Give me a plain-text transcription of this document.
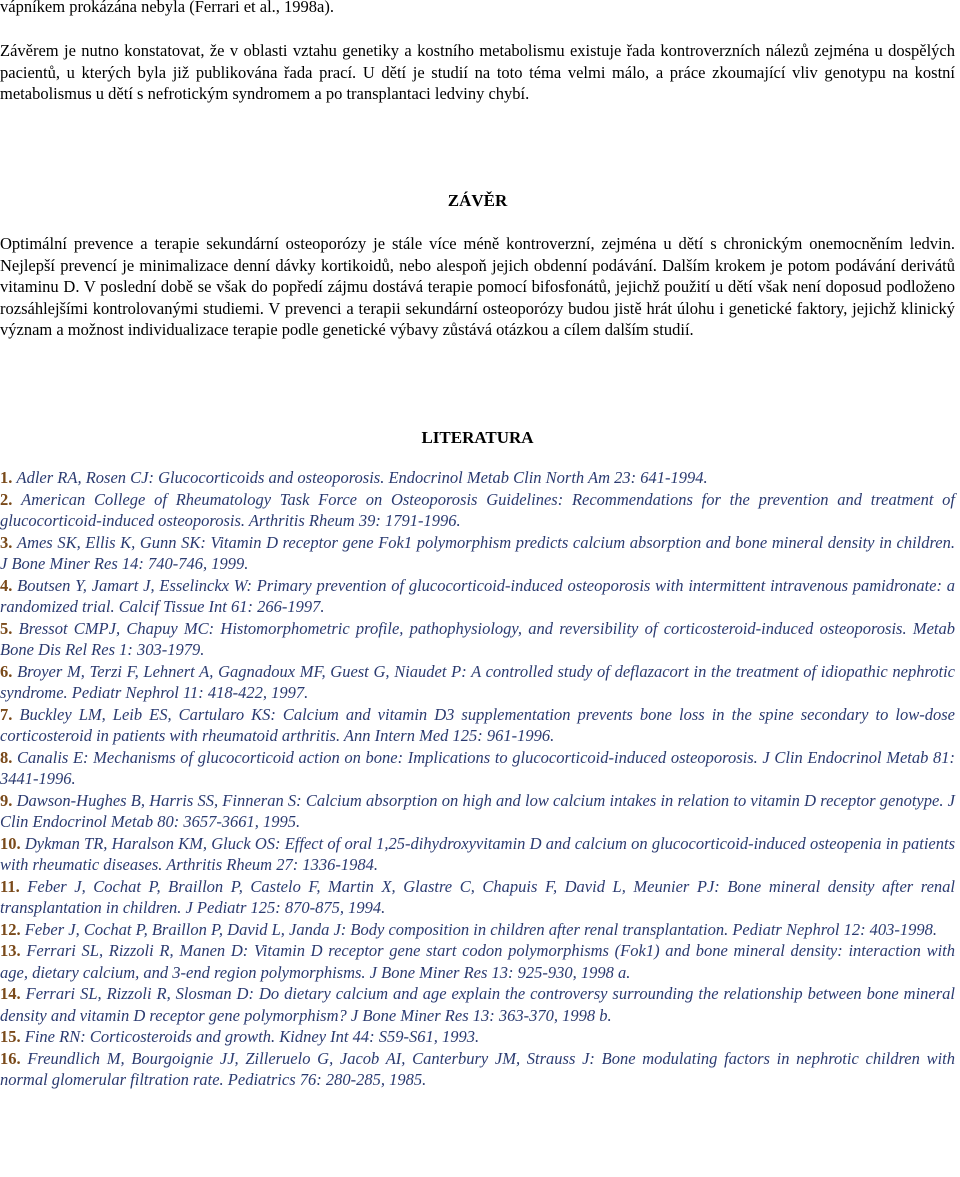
vápníkem prokázána nebyla (Ferrari et al., 1998a).

Závěrem je nutno konstatovat, že v oblasti vztahu genetiky a kostního metabolismu existuje řada kontroverzních nálezů zejména u dospělých pacientů, u kterých byla již publikována řada prací. U dětí je studií na toto téma velmi málo, a práce zkoumající vliv genotypu na kostní metabolismus u dětí s nefrotickým syndromem a po transplantaci ledviny chybí.

ZÁVĚR

Optimální prevence a terapie sekundární osteoporózy je stále více méně kontroverzní, zejména u dětí s chronickým onemocněním ledvin. Nejlepší prevencí je minimalizace denní dávky kortikoidů, nebo alespoň jejich obdenní podávání. Dalším krokem je potom podávání derivátů vitaminu D. V poslední době se však do popředí zájmu dostává terapie pomocí bifosfonátů, jejichž použití u dětí však není doposud podloženo rozsáhlejšími kontrolovanými studiemi. V prevenci a terapii sekundární osteoporózy budou jistě hrát úlohu i genetické faktory, jejichž klinický význam a možnost individualizace terapie podle genetické výbavy zůstává otázkou a cílem dalším studií.

LITERATURA
1. Adler RA, Rosen CJ: Glucocorticoids and osteoporosis. Endocrinol Metab Clin North Am 23: 641-1994.
2. American College of Rheumatology Task Force on Osteoporosis Guidelines: Recommendations for the prevention and treatment of glucocorticoid-induced osteoporosis. Arthritis Rheum 39: 1791-1996.
3. Ames SK, Ellis K, Gunn SK: Vitamin D receptor gene Fok1 polymorphism predicts calcium absorption and bone mineral density in children. J Bone Miner Res 14: 740-746, 1999.
4. Boutsen Y, Jamart J, Esselinckx W: Primary prevention of glucocorticoid-induced osteoporosis with intermittent intravenous pamidronate: a randomized trial. Calcif Tissue Int 61: 266-1997.
5. Bressot CMPJ, Chapuy MC: Histomorphometric profile, pathophysiology, and reversibility of corticosteroid-induced osteoporosis. Metab Bone Dis Rel Res 1: 303-1979.
6. Broyer M, Terzi F, Lehnert A, Gagnadoux MF, Guest G, Niaudet P: A controlled study of deflazacort in the treatment of idiopathic nephrotic syndrome. Pediatr Nephrol 11: 418-422, 1997.
7. Buckley LM, Leib ES, Cartularo KS: Calcium and vitamin D3 supplementation prevents bone loss in the spine secondary to low-dose corticosteroid in patients with rheumatoid arthritis. Ann Intern Med 125: 961-1996.
8. Canalis E: Mechanisms of glucocorticoid action on bone: Implications to glucocorticoid-induced osteoporosis. J Clin Endocrinol Metab 81: 3441-1996.
9. Dawson-Hughes B, Harris SS, Finneran S: Calcium absorption on high and low calcium intakes in relation to vitamin D receptor genotype. J Clin Endocrinol Metab 80: 3657-3661, 1995.
10. Dykman TR, Haralson KM, Gluck OS: Effect of oral 1,25-dihydroxyvitamin D and calcium on glucocorticoid-induced osteopenia in patients with rheumatic diseases. Arthritis Rheum 27: 1336-1984.
11. Feber J, Cochat P, Braillon P, Castelo F, Martin X, Glastre C, Chapuis F, David L, Meunier PJ: Bone mineral density after renal transplantation in children. J Pediatr 125: 870-875, 1994.
12. Feber J, Cochat P, Braillon P, David L, Janda J: Body composition in children after renal transplantation. Pediatr Nephrol 12: 403-1998.
13. Ferrari SL, Rizzoli R, Manen D: Vitamin D receptor gene start codon polymorphisms (Fok1) and bone mineral density: interaction with age, dietary calcium, and 3-end region polymorphisms. J Bone Miner Res 13: 925-930, 1998 a.
14. Ferrari SL, Rizzoli R, Slosman D: Do dietary calcium and age explain the controversy surrounding the relationship between bone mineral density and vitamin D receptor gene polymorphism? J Bone Miner Res 13: 363-370, 1998 b.
15. Fine RN: Corticosteroids and growth. Kidney Int 44: S59-S61, 1993.
16. Freundlich M, Bourgoignie JJ, Zilleruelo G, Jacob AI, Canterbury JM, Strauss J: Bone modulating factors in nephrotic children with normal glomerular filtration rate. Pediatrics 76: 280-285, 1985.
